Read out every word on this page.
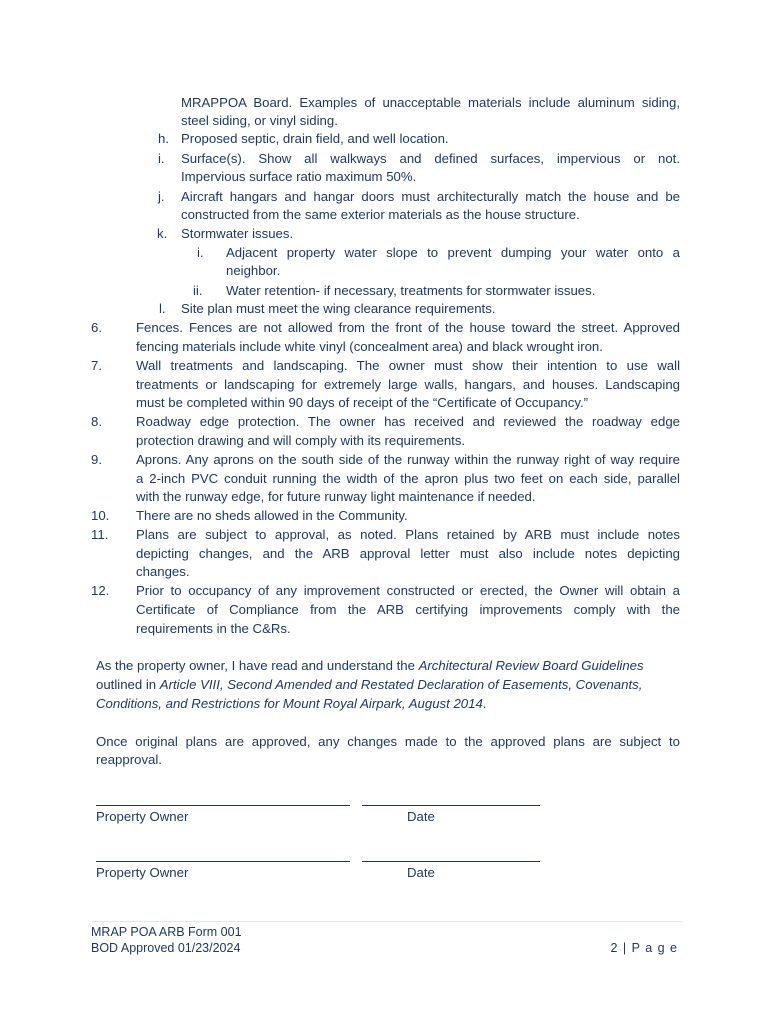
MRAPPOA Board. Examples of unacceptable materials include aluminum siding,
steel siding, or vinyl siding.
h. Proposed septic, drain field, and well location.
i. Surface(s). Show all walkways and defined surfaces, impervious or not.
Impervious surface ratio maximum 50%.
j. Aircraft hangars and hangar doors must architecturally match the house and be
constructed from the same exterior materials as the house structure.
k. Stormwater issues.
i. Adjacent property water slope to prevent dumping your water onto a
neighbor.
ii. Water retention- if necessary, treatments for stormwater issues.
l. Site plan must meet the wing clearance requirements.
6.	Fences. Fences are not allowed from the front of the house toward the street. Approved
fencing materials include white vinyl (concealment area) and black wrought iron.
7.	Wall treatments and landscaping. The owner must show their intention to use wall
treatments or landscaping for extremely large walls, hangars, and houses. Landscaping
must be completed within 90 days of receipt of the “Certificate of Occupancy.”
8.	Roadway edge protection. The owner has received and reviewed the roadway edge
protection drawing and will comply with its requirements.
9.	Aprons. Any aprons on the south side of the runway within the runway right of way require
a 2-inch PVC conduit running the width of the apron plus two feet on each side, parallel
with the runway edge, for future runway light maintenance if needed.
10. There are no sheds allowed in the Community.
11. Plans are subject to approval, as noted. Plans retained by ARB must include notes
depicting changes, and the ARB approval letter must also include notes depicting
changes.
12. Prior to occupancy of any improvement constructed or erected, the Owner will obtain a
Certificate of Compliance from the ARB certifying improvements comply with the
requirements in the C&Rs.
As the property owner, I have read and understand the Architectural Review Board Guidelines
outlined in Article VIII, Second Amended and Restated Declaration of Easements, Covenants,
Conditions, and Restrictions for Mount Royal Airpark, August 2014.
Once original plans are approved, any changes made to the approved plans are subject to
reapproval.
Property Owner	Date
Property Owner	Date
MRAP POA ARB Form 001
BOD Approved 01/23/2024	2 | P a g e
